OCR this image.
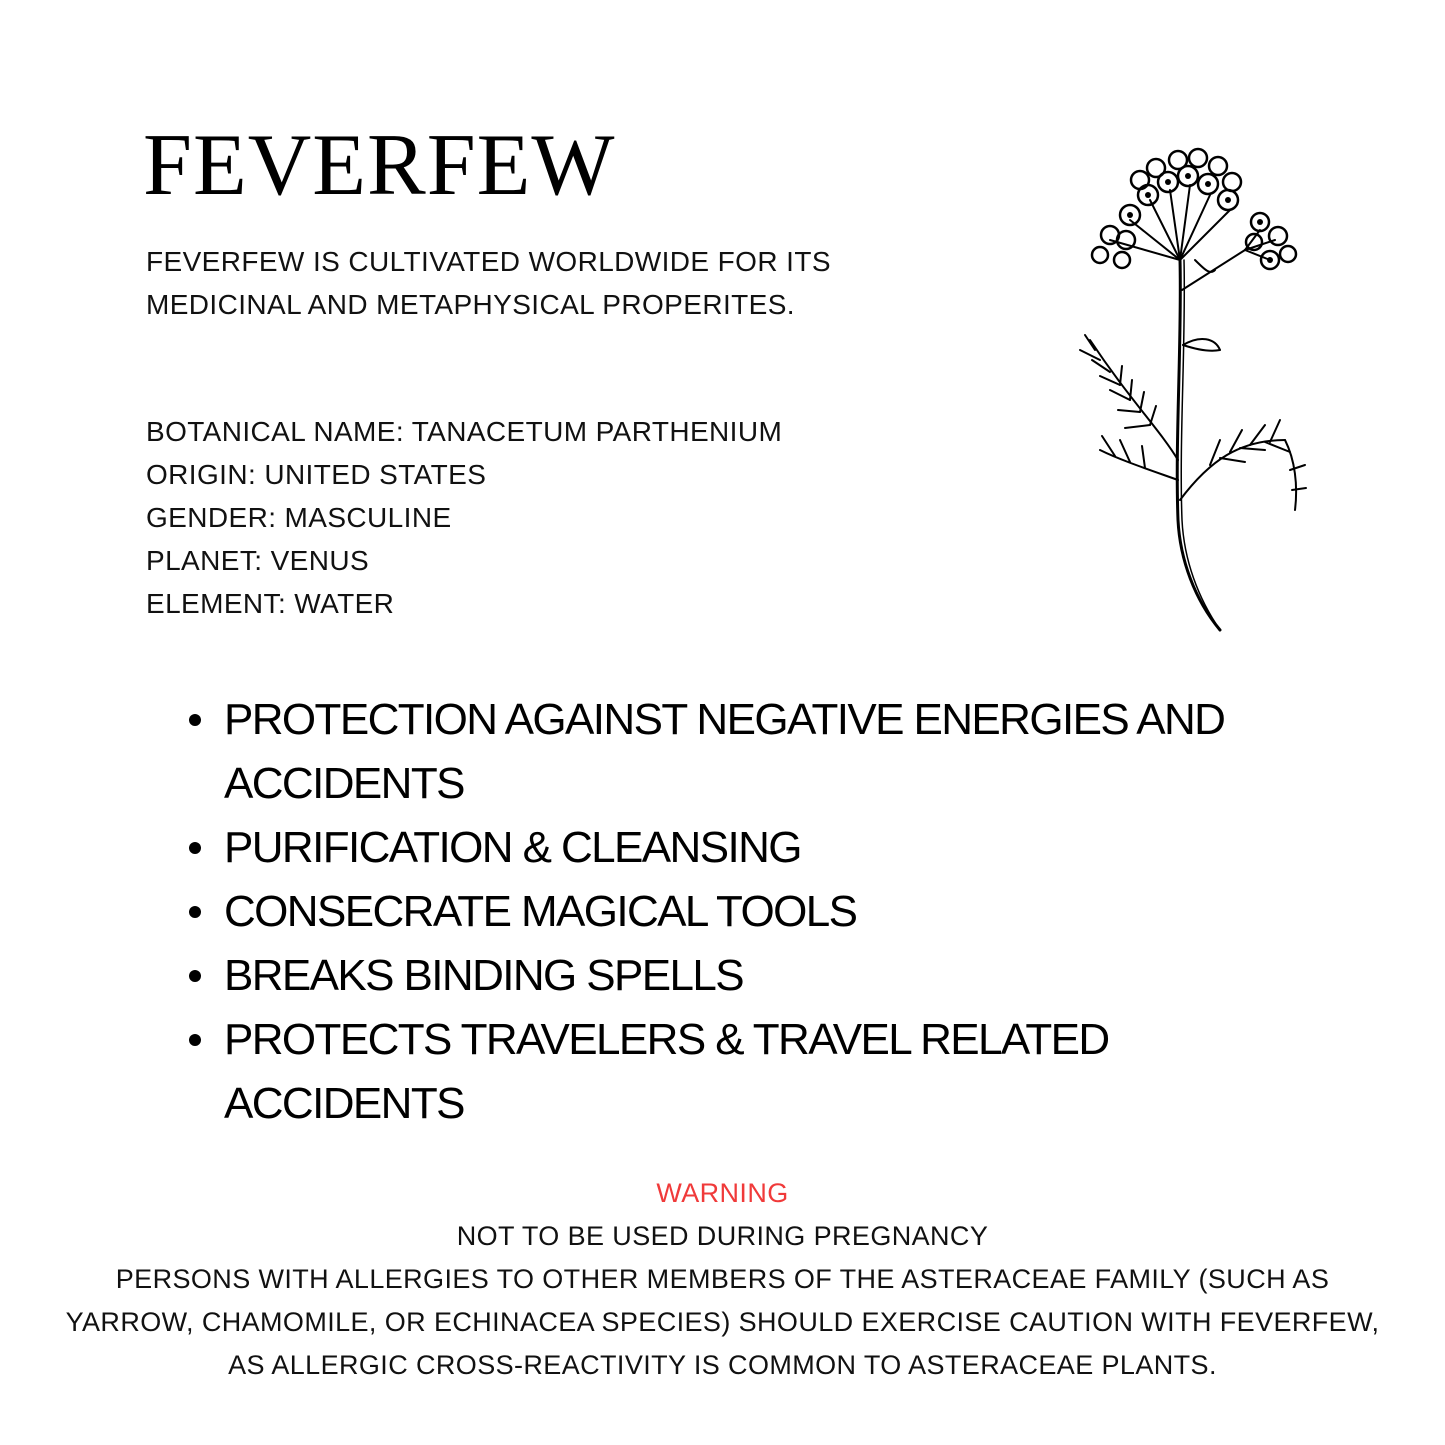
FEVERFEW

FEVERFEW IS CULTIVATED WORLDWIDE FOR ITS MEDICINAL AND METAPHYSICAL PROPERITES.

BOTANICAL NAME: TANACETUM PARTHENIUM
ORIGIN: UNITED STATES
GENDER: MASCULINE
PLANET: VENUS
ELEMENT: WATER
PROTECTION AGAINST NEGATIVE ENERGIES AND ACCIDENTS
PURIFICATION & CLEANSING
CONSECRATE MAGICAL TOOLS
BREAKS BINDING SPELLS
PROTECTS TRAVELERS & TRAVEL RELATED ACCIDENTS

WARNING

NOT TO BE USED DURING PREGNANCY

PERSONS WITH ALLERGIES TO OTHER MEMBERS OF THE ASTERACEAE FAMILY (SUCH AS YARROW, CHAMOMILE, OR ECHINACEA SPECIES) SHOULD EXERCISE CAUTION WITH FEVERFEW, AS ALLERGIC CROSS-REACTIVITY IS COMMON TO ASTERACEAE PLANTS.
